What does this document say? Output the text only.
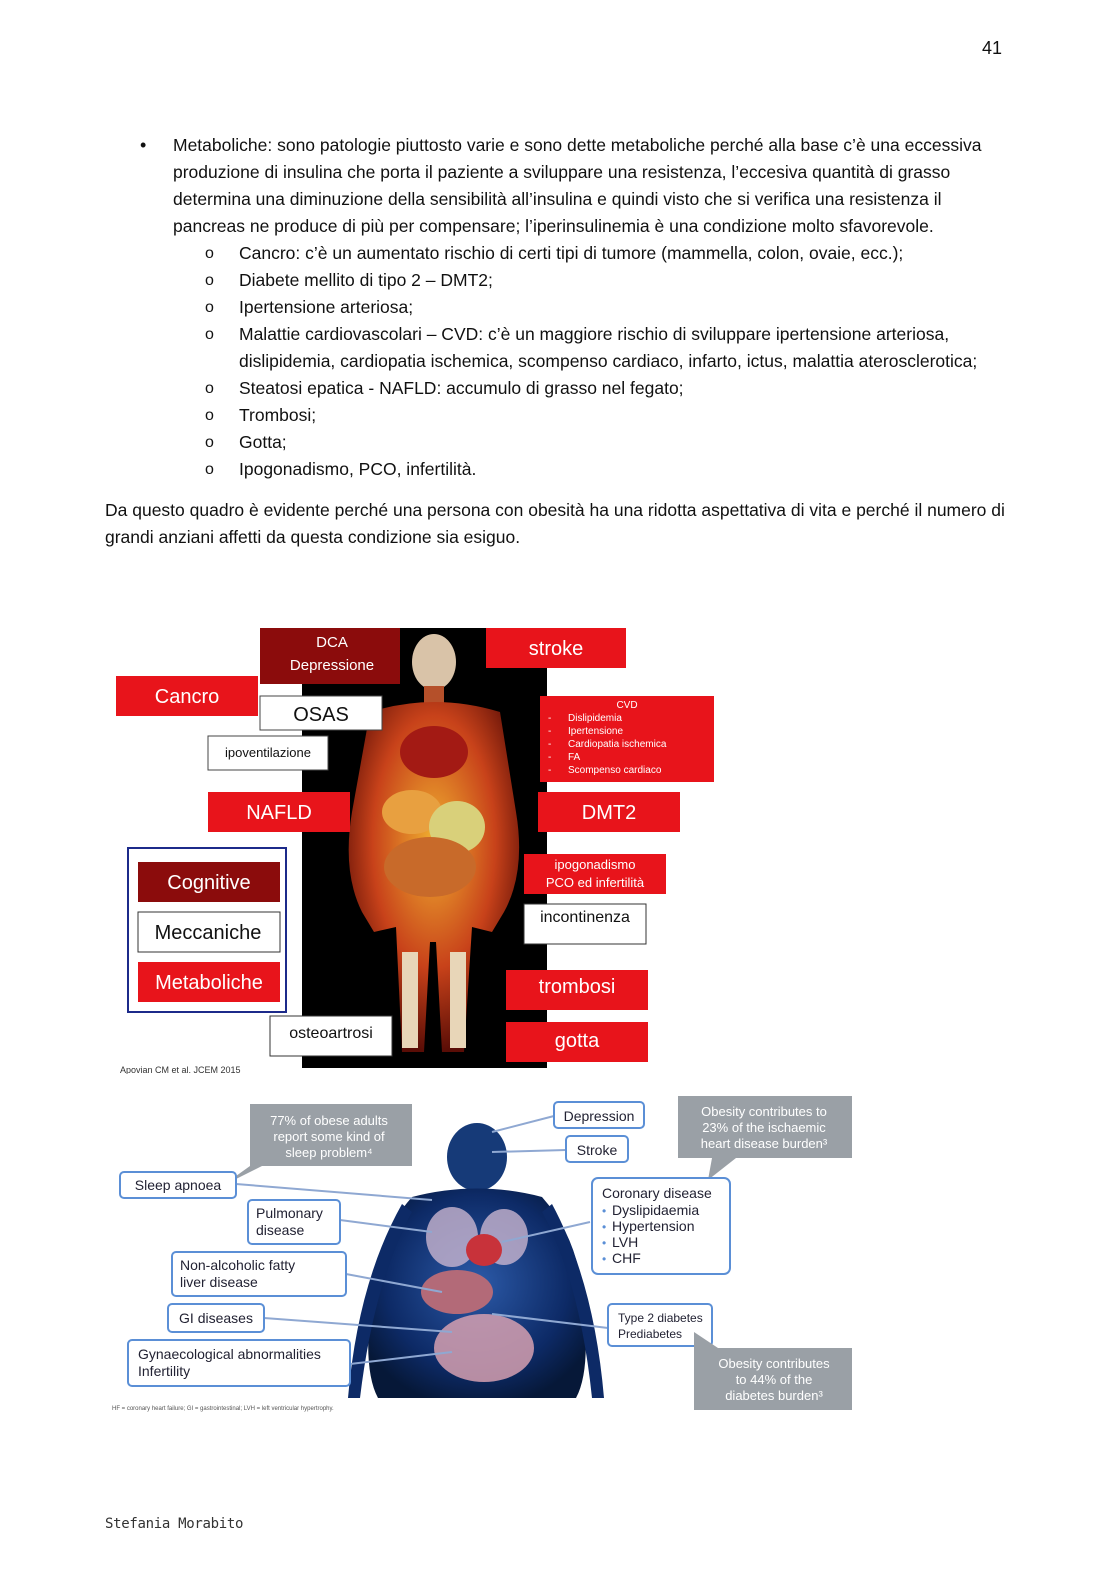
41
• Metaboliche: sono patologie piuttosto varie e sono dette metaboliche perché alla base c’è una eccessiva produzione di insulina che porta il paziente a sviluppare una resistenza, l’eccesiva quantità di grasso determina una diminuzione della sensibilità all’insulina e quindi visto che si verifica una resistenza il pancreas ne produce di più per compensare; l’iperinsulinemia è una condizione molto sfavorevole.
o Cancro: c’è un aumentato rischio di certi tipi di tumore (mammella, colon, ovaie, ecc.);
o Diabete mellito di tipo 2 – DMT2;
o Ipertensione arteriosa;
o Malattie cardiovascolari – CVD: c’è un maggiore rischio di sviluppare ipertensione arteriosa, dislipidemia, cardiopatia ischemica, scompenso cardiaco, infarto, ictus, malattia aterosclerotica;
o Steatosi epatica - NAFLD: accumulo di grasso nel fegato;
o Trombosi;
o Gotta;
o Ipogonadismo, PCO, infertilità.
Da questo quadro è evidente perché una persona con obesità ha una ridotta aspettativa di vita e perché il numero di grandi anziani affetti da questa condizione sia esiguo.
DCA
Depressione
stroke
Cancro
OSAS
ipoventilazione
CVD
Dislipidemia
Ipertensione
Cardiopatia ischemica
FA
Scompenso cardiaco
-
-
-
-
-
NAFLD	DMT2
Cognitive
Meccaniche
Metaboliche
ipogonadismo
PCO ed infertilità
incontinenza
trombosi
gotta
osteoartrosi
Apovian CM et al. JCEM 2015
77% of obese adults
report some kind of
sleep problem⁴
Depression
Stroke
Obesity contributes to
23% of the ischaemic
heart disease burden³
Sleep apnoea
Pulmonary
disease
Coronary disease
• Dyslipidaemia
• Hypertension
• LVH
• CHF
Non-alcoholic fatty
liver disease
GI diseases	Type 2 diabetes
Prediabetes
Gynaecological abnormalities
Infertility	Obesity contributes
to 44% of the
diabetes burden³
HF = coronary heart failure; GI = gastrointestinal; LVH = left ventricular hypertrophy.
Stefania Morabito
